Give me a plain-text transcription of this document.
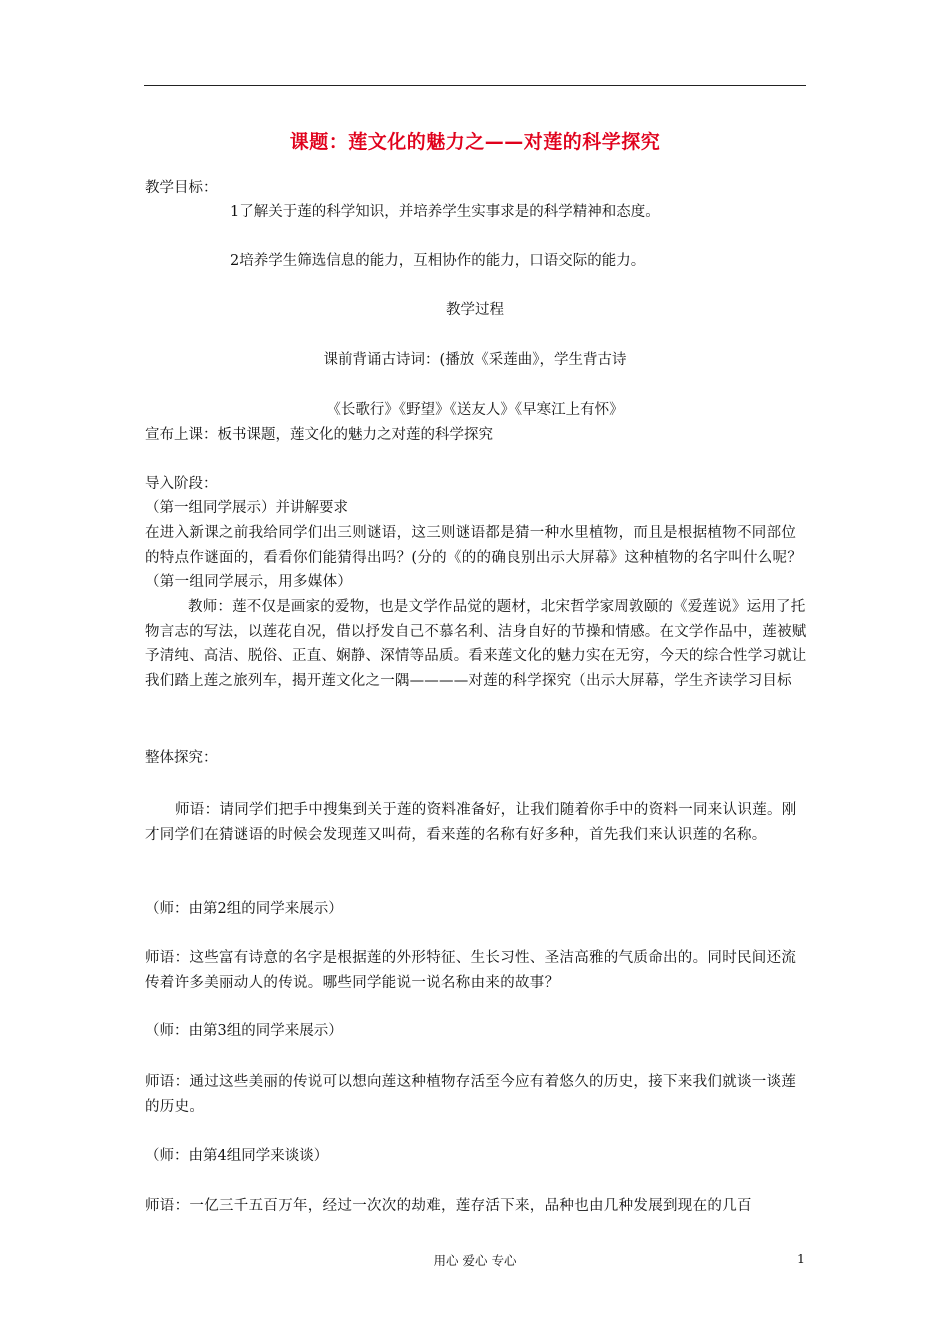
课题：莲文化的魅力之——对莲的科学探究
教学目标：
1了解关于莲的科学知识，并培养学生实事求是的科学精神和态度。
2培养学生筛选信息的能力，互相协作的能力，口语交际的能力。
教学过程
课前背诵古诗词：(播放《采莲曲》，学生背古诗
《长歌行》《野望》《送友人》《早寒江上有怀》
宣布上课：板书课题，莲文化的魅力之对莲的科学探究
导入阶段：
（第一组同学展示）并讲解要求
在进入新课之前我给同学们出三则谜语，这三则谜语都是猜一种水里植物，而且是根据植物不同部位的特点作谜面的，看看你们能猜得出吗？(分的《的的确良别出示大屏幕》这种植物的名字叫什么呢？（第一组同学展示，用多媒体）
教师：莲不仅是画家的爱物，也是文学作品觉的题材，北宋哲学家周敦颐的《爱莲说》运用了托物言志的写法，以莲花自况，借以抒发自己不慕名利、洁身自好的节操和情感。在文学作品中，莲被赋予清纯、高洁、脱俗、正直、娴静、深情等品质。看来莲文化的魅力实在无穷，今天的综合性学习就让我们踏上莲之旅列车，揭开莲文化之一隅————对莲的科学探究（出示大屏幕，学生齐读学习目标
整体探究：
师语：请同学们把手中搜集到关于莲的资料准备好，让我们随着你手中的资料一同来认识莲。刚才同学们在猜谜语的时候会发现莲又叫荷，看来莲的名称有好多种，首先我们来认识莲的名称。
（师：由第2组的同学来展示）
师语：这些富有诗意的名字是根据莲的外形特征、生长习性、圣洁高雅的气质命出的。同时民间还流传着许多美丽动人的传说。哪些同学能说一说名称由来的故事？
（师：由第3组的同学来展示）
师语：通过这些美丽的传说可以想向莲这种植物存活至今应有着悠久的历史，接下来我们就谈一谈莲的历史。
（师：由第4组同学来谈谈）
师语：一亿三千五百万年，经过一次次的劫难，莲存活下来，品种也由几种发展到现在的几百
用心 爱心 专心	1
